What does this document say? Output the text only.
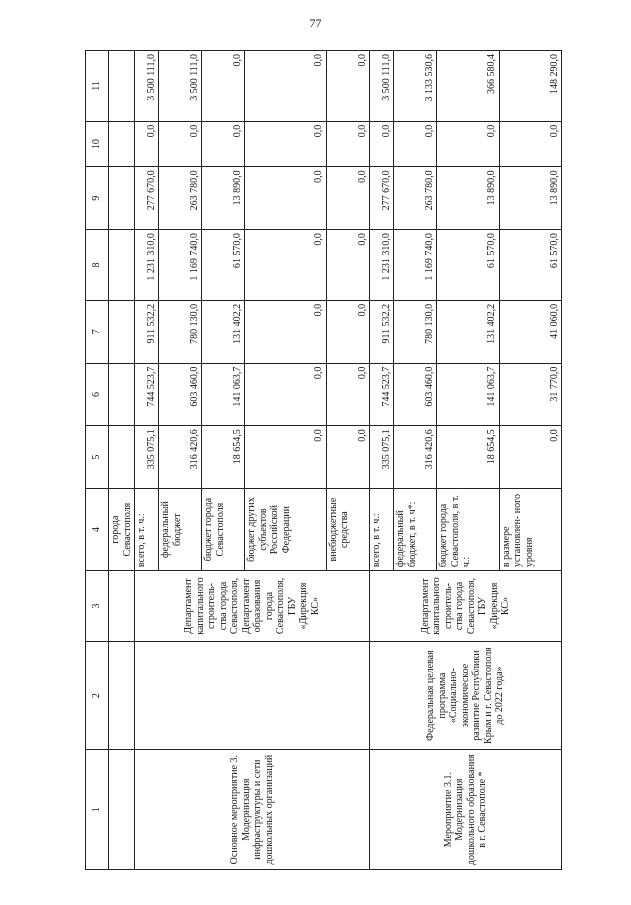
77
1	2	3	4	5	6	7	8	9	10	11
			города Севастополя							
Основное мероприятие 3. Модернизация инфраструктуры и сети дошкольных организаций		Департамент капитального строитель- ства города Севастополя, Департамент образования города Севастополя, ГБУ «Дирекция КС»	всего, в т. ч.:	335 075,1	744 523,7	911 532,2	1 231 310,0	277 670,0	0,0	3 500 111,0
			федеральный бюджет	316 420,6	603 460,0	780 130,0	1 169 740,0	263 780,0	0,0	3 500 111,0
			бюджет города Севастополя	18 654,5	141 063,7	131 402,2	61 570,0	13 890,0	0,0	0,0
			бюджет других субъектов Российской Федерации	0,0	0,0	0,0	0,0	0,0	0,0	0,0
			внебюджетные средства	0,0	0,0	0,0	0,0	0,0	0,0	0,0
Мероприятие 3.1. Модернизация дошкольного образования в г. Севастополе *	Федеральная целевая программа «Социально- экономическое развитие Республики Крым и г. Севастополя до 2022 года»	Департамент капитального строитель- ства города Севастополя, ГБУ «Дирекция КС»	всего, в т. ч.:	335 075,1	744 523,7	911 532,2	1 231 310,0	277 670,0	0,0	3 500 111,0
			федеральный бюджет, в т. ч*:	316 420,6	603 460,0	780 130,0	1 169 740,0	263 780,0	0,0	3 133 530,6
			бюджет города Севастополя, в т. ч.:	18 654,5	141 063,7	131 402,2	61 570,0	13 890,0	0,0	366 580,4
			в размере установлен- ного уровня	0,0	31 770,0	41 060,0	61 570,0	13 890,0	0,0	148 290,0
